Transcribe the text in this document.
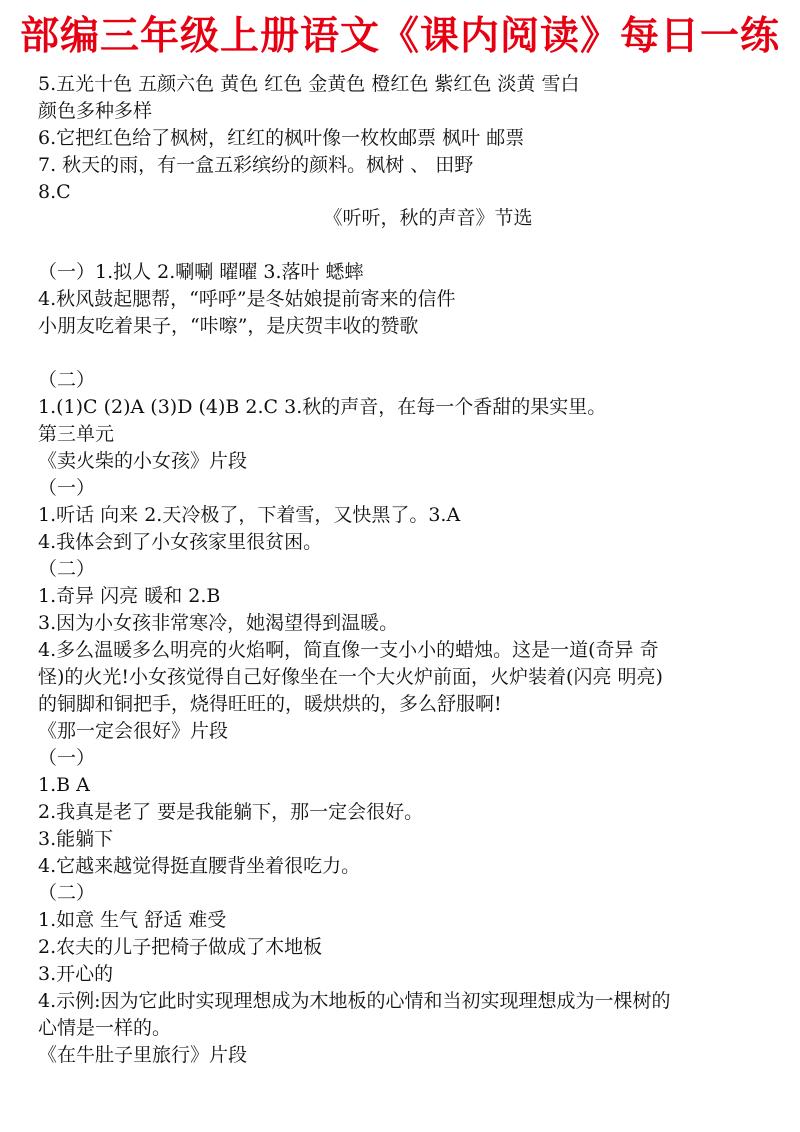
部编三年级上册语文《课内阅读》每日一练
5.五光十色 五颜六色 黄色 红色 金黄色 橙红色 紫红色 淡黄 雪白
颜色多种多样
6.它把红色给了枫树，红红的枫叶像一枚枚邮票 枫叶 邮票
7. 秋天的雨，有一盒五彩缤纷的颜料。枫树 、 田野
8.C
《听听，秋的声音》节选
（一）1.拟人 2.唰唰 曜曜 3.落叶 蟋蟀
4.秋风鼓起腮帮，“呼呼”是冬姑娘提前寄来的信件
小朋友吃着果子，“咔嚓”，是庆贺丰收的赞歌
（二）
1.(1)C (2)A (3)D (4)B 2.C 3.秋的声音，在每一个香甜的果实里。
第三单元
《卖火柴的小女孩》片段
（一）
1.听话 向来 2.天冷极了，下着雪，又快黑了。3.A
4.我体会到了小女孩家里很贫困。
（二）
1.奇异 闪亮 暖和 2.B
3.因为小女孩非常寒冷，她渴望得到温暖。
4.多么温暖多么明亮的火焰啊，简直像一支小小的蜡烛。这是一道(奇异 奇
怪)的火光!小女孩觉得自己好像坐在一个大火炉前面，火炉装着(闪亮 明亮)
的铜脚和铜把手，烧得旺旺的，暖烘烘的，多么舒服啊!
《那一定会很好》片段
（一）
1.B A
2.我真是老了 要是我能躺下，那一定会很好。
3.能躺下
4.它越来越觉得挺直腰背坐着很吃力。
（二）
1.如意 生气 舒适 难受
2.农夫的儿子把椅子做成了木地板
3.开心的
4.示例:因为它此时实现理想成为木地板的心情和当初实现理想成为一棵树的
心情是一样的。
《在牛肚子里旅行》片段
